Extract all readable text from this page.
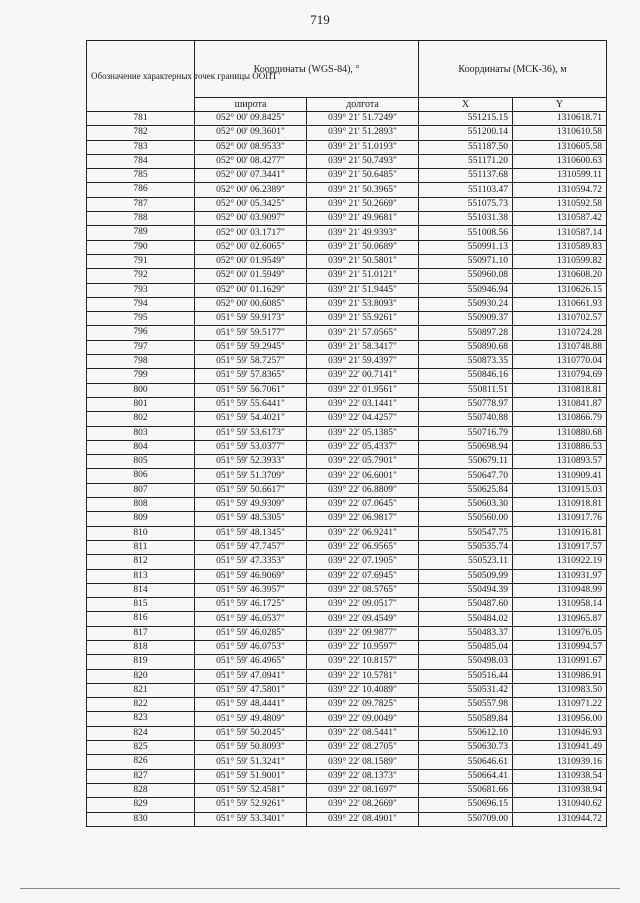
719
Обозначение характерных точек границы ООПТ	Координаты (WGS-84), °		Координаты (МСК-36), м	
	широта	долгота	X	Y
781	052° 00' 09.8425"	039° 21' 51.7249"	551215.15	1310618.71
782	052° 00' 09.3601"	039° 21' 51.2893"	551200.14	1310610.58
783	052° 00' 08.9533"	039° 21' 51.0193"	551187.50	1310605.58
784	052° 00' 08.4277"	039° 21' 50.7493"	551171.20	1310600.63
785	052° 00' 07.3441"	039° 21' 50.6485"	551137.68	1310599.11
786	052° 00' 06.2389"	039° 21' 50.3965"	551103.47	1310594.72
787	052° 00' 05.3425"	039° 21' 50.2669"	551075.73	1310592.58
788	052° 00' 03.9097"	039° 21' 49.9681"	551031.38	1310587.42
789	052° 00' 03.1717"	039° 21' 49.9393"	551008.56	1310587.14
790	052° 00' 02.6065"	039° 21' 50.0689"	550991.13	1310589.83
791	052° 00' 01.9549"	039° 21' 50.5801"	550971.10	1310599.82
792	052° 00' 01.5949"	039° 21' 51.0121"	550960.08	1310608.20
793	052° 00' 01.1629"	039° 21' 51.9445"	550946.94	1310626.15
794	052° 00' 00.6085"	039° 21' 53.8093"	550930.24	1310661.93
795	051° 59' 59.9173"	039° 21' 55.9261"	550909.37	1310702.57
796	051° 59' 59.5177"	039° 21' 57.0565"	550897.28	1310724.28
797	051° 59' 59.2945"	039° 21' 58.3417"	550890.68	1310748.88
798	051° 59' 58.7257"	039° 21' 59.4397"	550873.35	1310770.04
799	051° 59' 57.8365"	039° 22' 00.7141"	550846.16	1310794.69
800	051° 59' 56.7061"	039° 22' 01.9561"	550811.51	1310818.81
801	051° 59' 55.6441"	039° 22' 03.1441"	550778.97	1310841.87
802	051° 59' 54.4021"	039° 22' 04.4257"	550740.88	1310866.79
803	051° 59' 53.6173"	039° 22' 05.1385"	550716.79	1310880.68
804	051° 59' 53.0377"	039° 22' 05.4337"	550698.94	1310886.53
805	051° 59' 52.3933"	039° 22' 05.7901"	550679.11	1310893.57
806	051° 59' 51.3709"	039° 22' 06.6001"	550647.70	1310909.41
807	051° 59' 50.6617"	039° 22' 06.8809"	550625.84	1310915.03
808	051° 59' 49.9309"	039° 22' 07.0645"	550603.30	1310918.81
809	051° 59' 48.5305"	039° 22' 06.9817"	550560.00	1310917.76
810	051° 59' 48.1345"	039° 22' 06.9241"	550547.75	1310916.81
811	051° 59' 47.7457"	039° 22' 06.9565"	550535.74	1310917.57
812	051° 59' 47.3353"	039° 22' 07.1905"	550523.11	1310922.19
813	051° 59' 46.9069"	039° 22' 07.6945"	550509.99	1310931.97
814	051° 59' 46.3957"	039° 22' 08.5765"	550494.39	1310948.99
815	051° 59' 46.1725"	039° 22' 09.0517"	550487.60	1310958.14
816	051° 59' 46.0537"	039° 22' 09.4549"	550484.02	1310965.87
817	051° 59' 46.0285"	039° 22' 09.9877"	550483.37	1310976.05
818	051° 59' 46.0753"	039° 22' 10.9597"	550485.04	1310994.57
819	051° 59' 46.4965"	039° 22' 10.8157"	550498.03	1310991.67
820	051° 59' 47.0941"	039° 22' 10.5781"	550516.44	1310986.91
821	051° 59' 47.5801"	039° 22' 10.4089"	550531.42	1310983.50
822	051° 59' 48.4441"	039° 22' 09.7825"	550557.98	1310971.22
823	051° 59' 49.4809"	039° 22' 09.0049"	550589.84	1310956.00
824	051° 59' 50.2045"	039° 22' 08.5441"	550612.10	1310946.93
825	051° 59' 50.8093"	039° 22' 08.2705"	550630.73	1310941.49
826	051° 59' 51.3241"	039° 22' 08.1589"	550646.61	1310939.16
827	051° 59' 51.9001"	039° 22' 08.1373"	550664.41	1310938.54
828	051° 59' 52.4581"	039° 22' 08.1697"	550681.66	1310938.94
829	051° 59' 52.9261"	039° 22' 08.2669"	550696.15	1310940.62
830	051° 59' 53.3401"	039° 22' 08.4901"	550709.00	1310944.72
